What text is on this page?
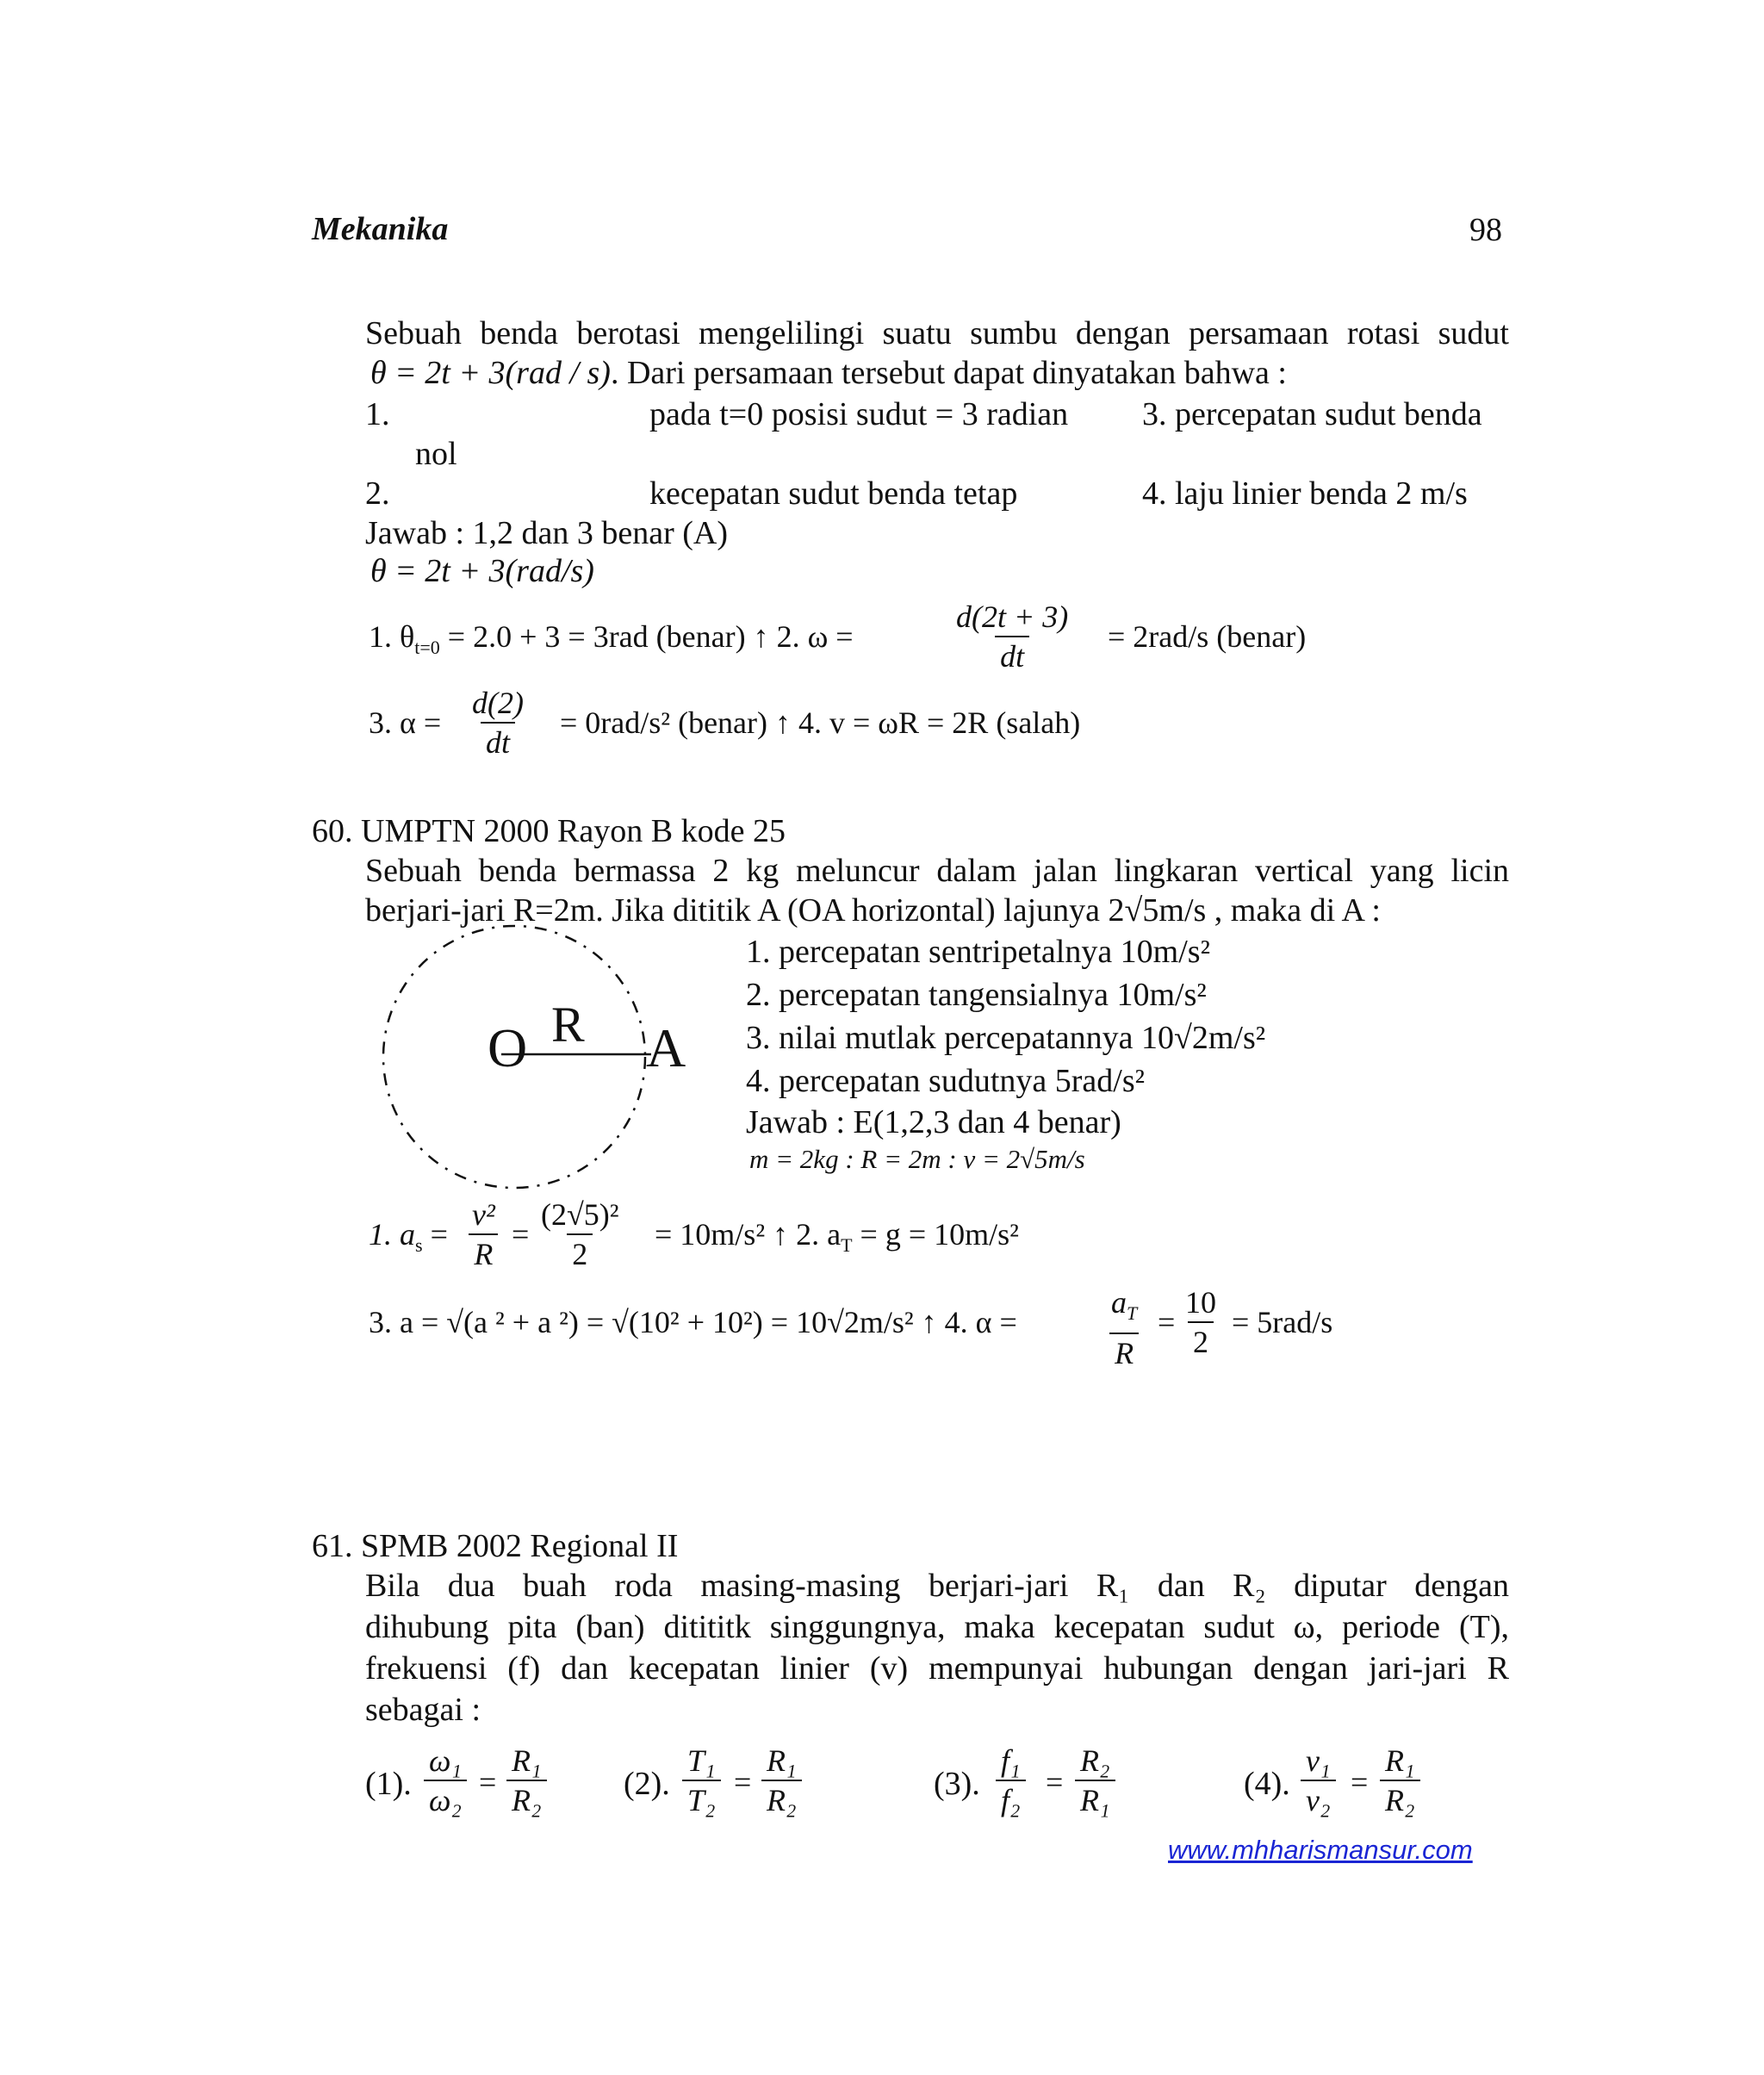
Mekanika	98
Sebuah benda berotasi mengelilingi suatu sumbu dengan persamaan rotasi sudut
θ = 2t + 3(rad / s). Dari persamaan tersebut dapat dinyatakan bahwa :
1.	pada t=0 posisi sudut = 3 radian 3. percepatan sudut benda
nol
2.	kecepatan sudut benda tetap	4. laju linier benda 2 m/s
Jawab : 1,2 dan 3 benar (A)
θ = 2t + 3(rad/s)
1. $\theta_{t=0} = 2.0 + 3 = 3rad$ (benar) ↑ 2. ω =	$\frac{d(2t + 3)}{dt} = 2rad/s$ (benar)
3. $\alpha = \frac{d(2)}{dt} = 0rad/s^2$ (benar) ↑ 4. v = ωR = 2R (salah)
60. UMPTN 2000 Rayon B kode 25
Sebuah benda bermassa 2 kg meluncur dalam jalan lingkaran vertical yang licin
berjari-jari R=2m. Jika dititik A (OA horizontal) lajunya 2√5m/s , maka di A :
O R A
1. percepatan sentripetalnya 10m/s²
2. percepatan tangensialnya 10m/s²
3. nilai mutlak percepatannya 10√2m/s²
4. percepatan sudutnya 5rad/s²
Jawab : E(1,2,3 dan 4 benar)
m = 2kg : R = 2m : v = 2√5m/s
1. $a_s = \frac{\text{v²}}{R} = \frac{\text{(2√5)²}}{2} = 10m/s^2$ ↑ 2. $a_T = g = 10m/s^2$
3. a = √(a ² + a ²) = √(10² + 10²) = 10√2m/s² ↑ 4. α =	$\frac{a_T}{R} = \frac{10}{2} = 5rad/s$
61. SPMB 2002 Regional II
Bila dua buah roda masing-masing berjari-jari R₁ dan R₂ diputar dengan
dihubung pita (ban) ditititk singgungnya, maka kecepatan sudut ω, periode (T),
frekuensi (f) dan kecepatan linier (v) mempunyai hubungan dengan jari-jari R
sebagai :
(1). $\frac{\text{ω₁}}{\text{ω₂}} = \frac{\text{R₁}}{\text{R₂}} (2)$. $\frac{\text{T₁}}{\text{T₂}} = \frac{\text{R₁}}{\text{R₂}}$	(3). $\frac{\text{f₁}}{\text{f₂}} = \frac{\text{R₂}}{\text{R₁}}$	(4). $\frac{\text{v₁}}{\text{v₂}} = \frac{\text{R₁}}{\text{R₂}}$
www.mhharismansur.com
